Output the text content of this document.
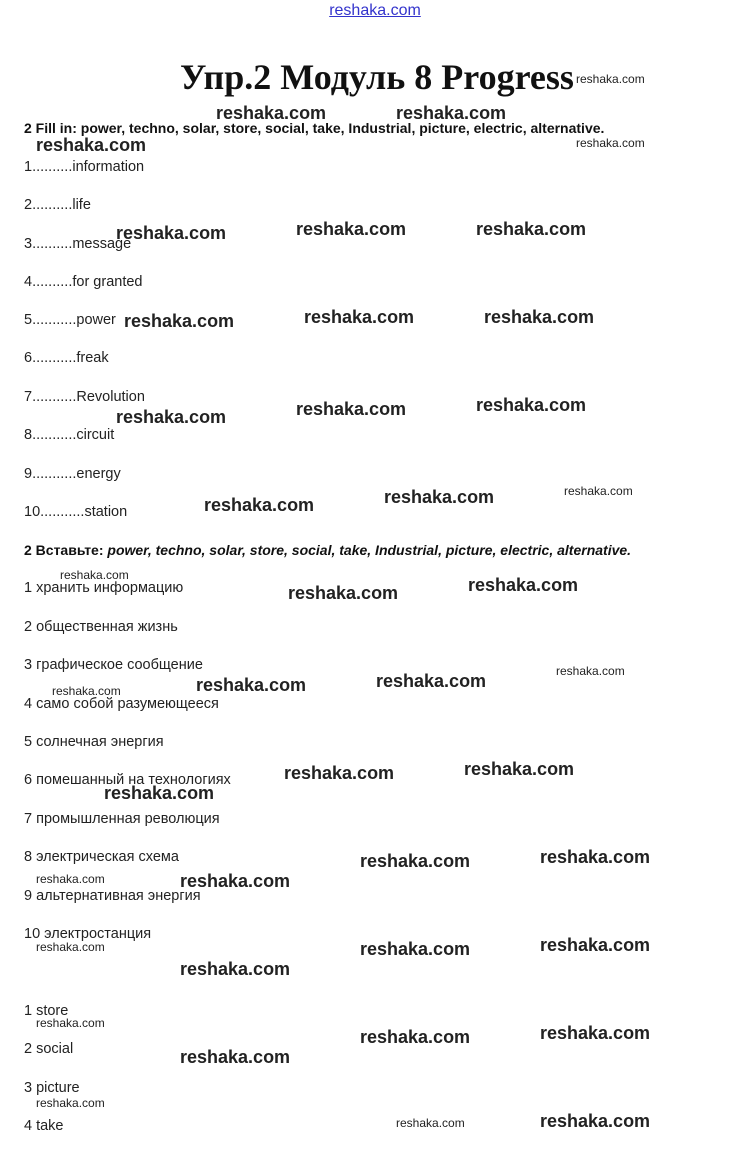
reshaka.com
Упр.2 Модуль 8 Progress
2 Fill in: power, techno, solar, store, social, take, Industrial, picture, electric, alternative.
1..........information
2..........life
3..........message
4..........for granted
5...........power
6...........freak
7...........Revolution
8...........circuit
9...........energy
10...........station
2 Вставьте: power, techno, solar, store, social, take, Industrial, picture, electric, alternative.
1 хранить информацию
2 общественная жизнь
3 графическое сообщение
4 само собой разумеющееся
5 солнечная энергия
6 помешанный на технологиях
7 промышленная революция
8 электрическая схема
9 альтернативная энергия
10 электростанция
1 store
2 social
3 picture
4 take
reshaka.com
reshaka.com	reshaka.com
reshaka.com	reshaka.com
reshaka.com	reshaka.com	reshaka.com
reshaka.com	reshaka.com	reshaka.com
reshaka.com	reshaka.com	reshaka.com
reshaka.com	reshaka.com	reshaka.com
reshaka.com
reshaka.com	reshaka.com
reshaka.com
reshaka.com	reshaka.com
reshaka.com
reshaka.com	reshaka.com
reshaka.com
reshaka.com	reshaka.com
reshaka.com	reshaka.com
reshaka.com	reshaka.com	reshaka.com
reshaka.com
reshaka.com
reshaka.com	reshaka.com
reshaka.com
reshaka.com
reshaka.com	reshaka.com
